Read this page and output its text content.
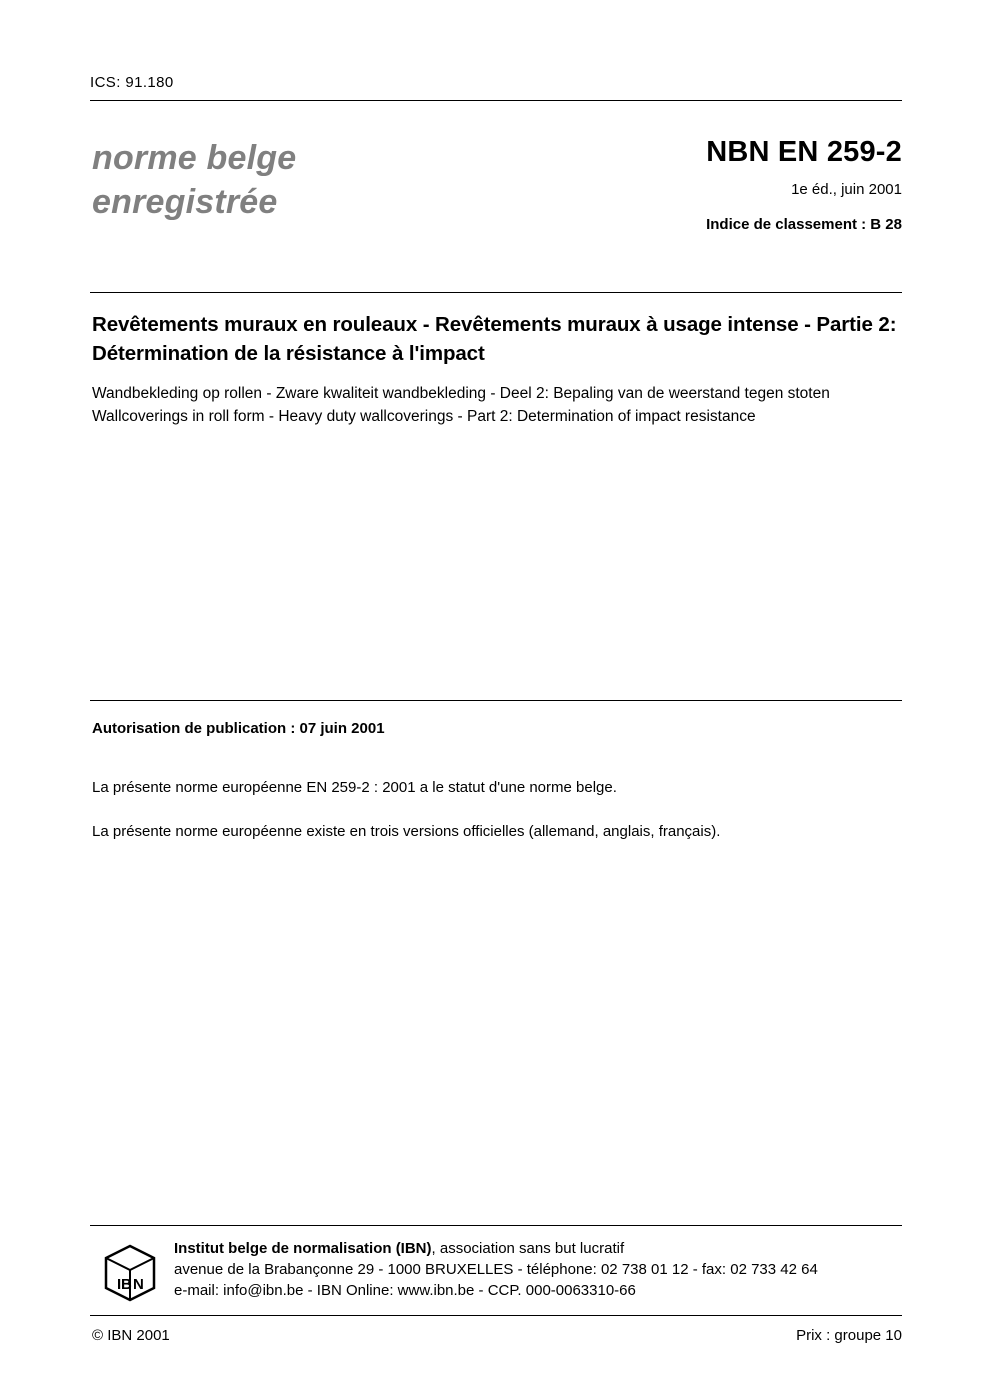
ICS: 91.180
norme belge
enregistrée
NBN EN 259-2
1e éd., juin 2001
Indice de classement : B 28
Revêtements muraux en rouleaux - Revêtements muraux à usage intense - Partie 2: Détermination de la résistance à l'impact
Wandbekleding op rollen - Zware kwaliteit wandbekleding - Deel 2: Bepaling van de weerstand tegen stoten
Wallcoverings in roll form - Heavy duty wallcoverings - Part 2: Determination of impact resistance
Autorisation de publication : 07 juin 2001
La présente norme européenne EN 259-2 : 2001 a le statut d'une norme belge.
La présente norme européenne existe en trois versions officielles (allemand, anglais, français).
I B N
Institut belge de normalisation (IBN), association sans but lucratif
avenue de la Brabançonne 29 - 1000 BRUXELLES - téléphone: 02 738 01 12 - fax: 02 733 42 64
e-mail: info@ibn.be - IBN Online: www.ibn.be - CCP. 000-0063310-66
© IBN 2001	Prix : groupe 10
